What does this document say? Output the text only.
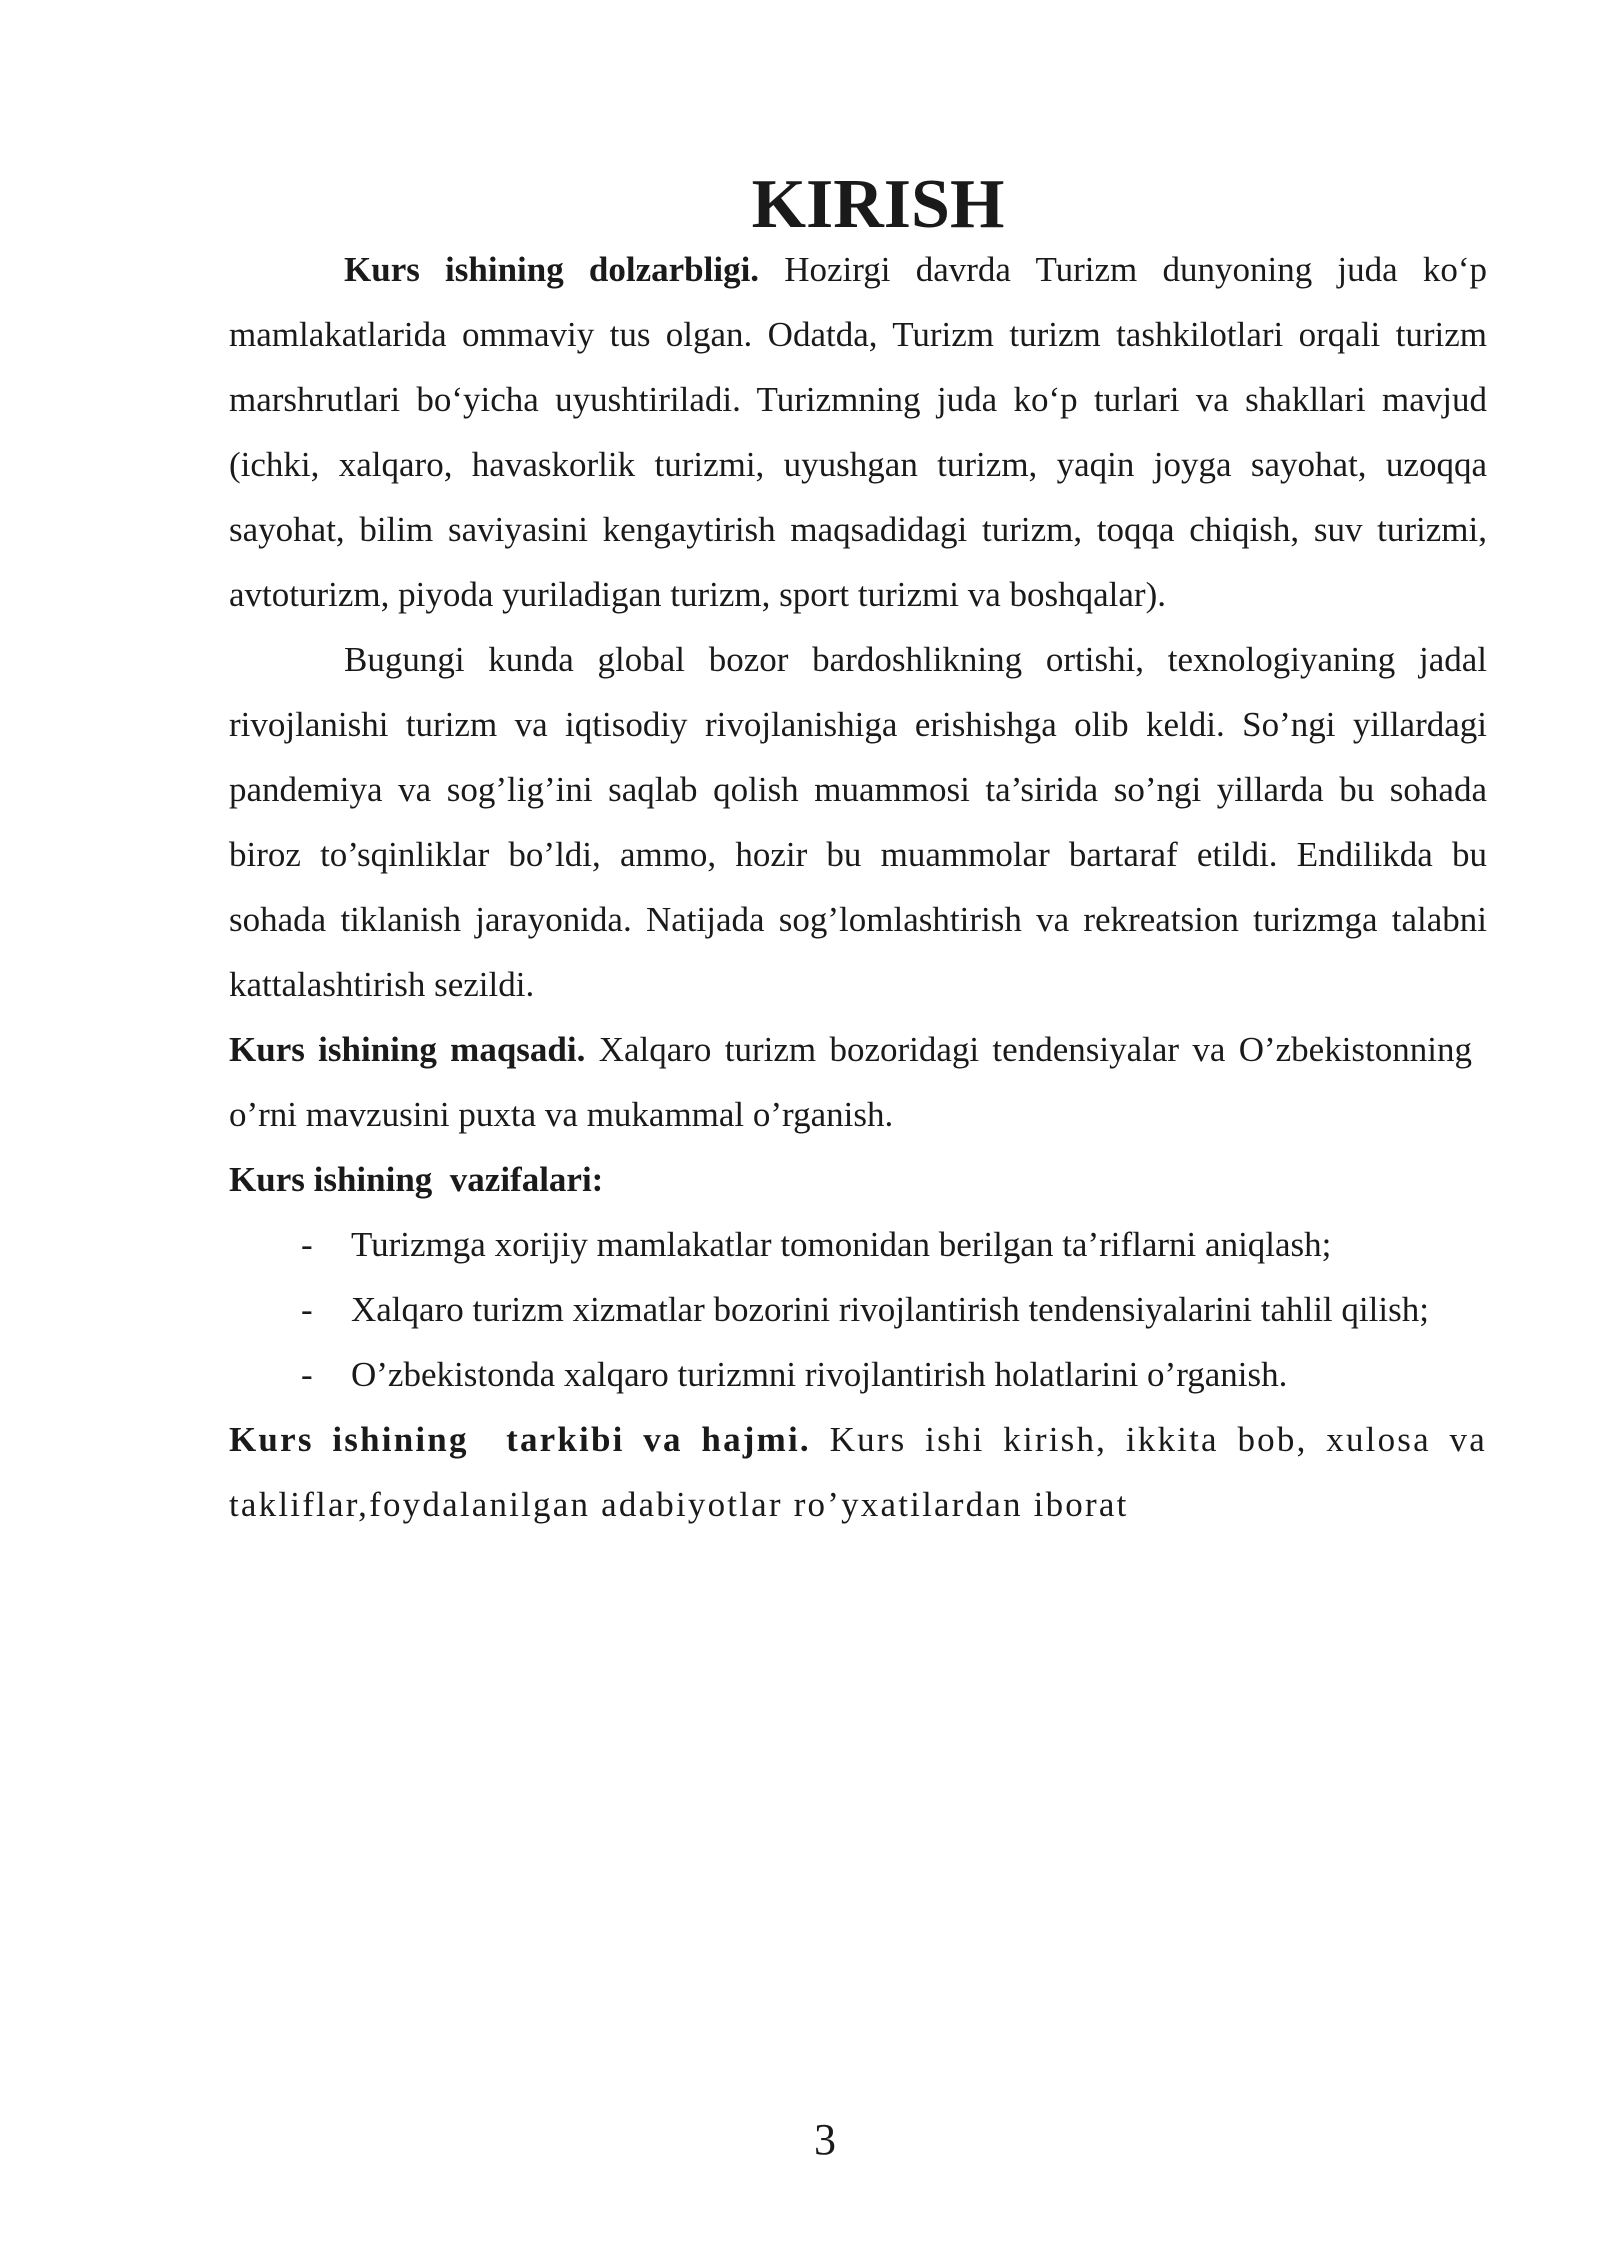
KIRISH

Kurs ishining dolzarbligi. Hozirgi davrda Turizm dunyoning juda ko‘p mamlakatlarida ommaviy tus olgan. Odatda, Turizm turizm tashkilotlari orqali turizm marshrutlari bo‘yicha uyushtiriladi. Turizmning juda ko‘p turlari va shakllari mavjud (ichki, xalqaro, havaskorlik turizmi, uyushgan turizm, yaqin joyga sayohat, uzoqqa sayohat, bilim saviyasini kengaytirish maqsadidagi turizm, toqqa chiqish, suv turizmi, avtoturizm, piyoda yuriladigan turizm, sport turizmi va boshqalar).

Bugungi kunda global bozor bardoshlikning ortishi, texnologiyaning jadal rivojlanishi turizm va iqtisodiy rivojlanishiga erishishga olib keldi. So’ngi yillardagi pandemiya va sog’lig’ini saqlab qolish muammosi ta’sirida so’ngi yillarda bu sohada biroz to’sqinliklar bo’ldi, ammo, hozir bu muammolar bartaraf etildi. Endilikda bu sohada tiklanish jarayonida. Natijada sog’lomlashtirish va rekreatsion turizmga talabni kattalashtirish sezildi.

Kurs ishining maqsadi. Xalqaro turizm bozoridagi tendensiyalar va O’zbekistonning o’rni mavzusini puxta va mukammal o’rganish.

Kurs ishining  vazifalari:

- Turizmga xorijiy mamlakatlar tomonidan berilgan ta’riflarni aniqlash;
- Xalqaro turizm xizmatlar bozorini rivojlantirish tendensiyalarini tahlil qilish;
- O’zbekistonda xalqaro turizmni rivojlantirish holatlarini o’rganish.

Kurs ishining  tarkibi va hajmi. Kurs ishi kirish, ikkita bob, xulosa va takliflar,foydalanilgan adabiyotlar ro’yxatilardan iborat

3
